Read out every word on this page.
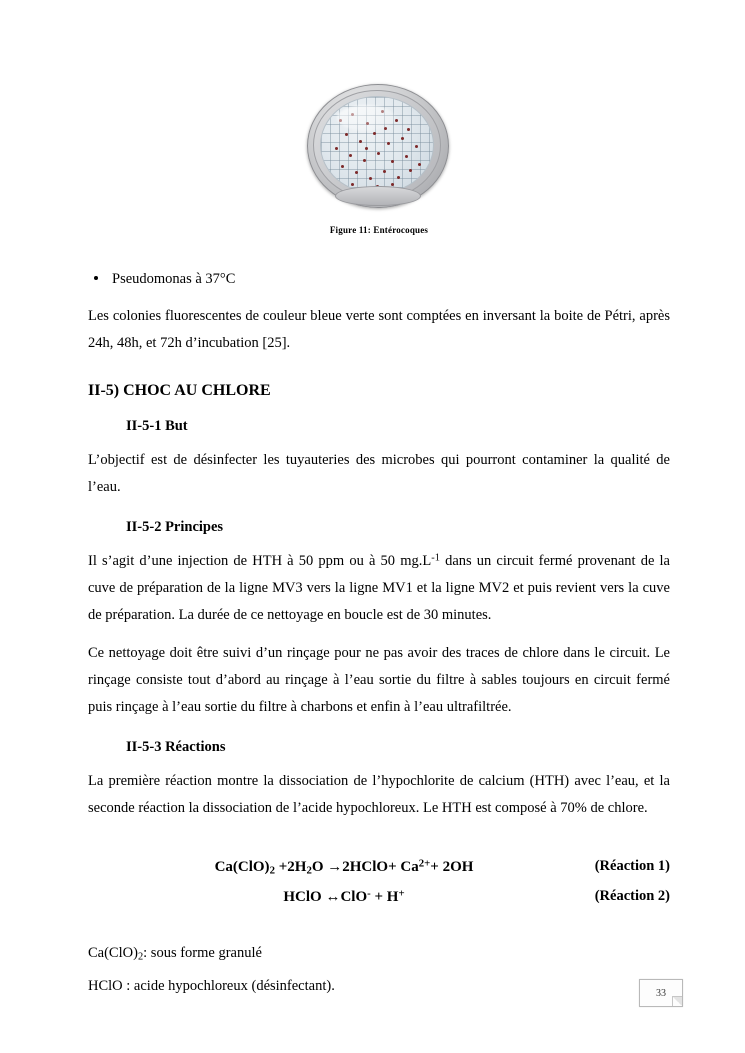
Figure 11: Entérocoques
Pseudomonas à 37°C

Les colonies fluorescentes de couleur bleue verte sont comptées en inversant la boite de Pétri, après 24h, 48h, et 72h d’incubation [25].

II-5) CHOC AU CHLORE
II-5-1 But

L’objectif est de désinfecter les tuyauteries des microbes qui pourront contaminer la qualité de l’eau.

II-5-2 Principes

Il s’agit d’une injection de HTH à 50 ppm ou à 50 $mg.L^{-1}$ dans un circuit fermé provenant de la cuve de préparation de la ligne MV3 vers la ligne MV1 et la ligne MV2 et puis revient vers la cuve de préparation. La durée de ce nettoyage en boucle est de 30 minutes.

Ce nettoyage doit être suivi d’un rinçage pour ne pas avoir des traces de chlore dans le circuit. Le rinçage consiste tout d’abord au rinçage à l’eau sortie du filtre à sables toujours en circuit fermé puis rinçage à l’eau sortie du filtre à charbons et enfin à l’eau ultrafiltrée.

II-5-3 Réactions

La première réaction montre la dissociation de l’hypochlorite de calcium (HTH) avec l’eau, et la seconde réaction la dissociation de l’acide hypochloreux. Le HTH est composé à 70% de chlore.

$Ca(ClO)_2 +2H_2O$ →2HClO+ $Ca^{2+}+ 2OH$	(Réaction 1)
HClO ↔ClO- + H+	(Réaction 2)

$Ca(ClO)_2$: sous forme granulé

HClO : acide hypochloreux (désinfectant).	33
